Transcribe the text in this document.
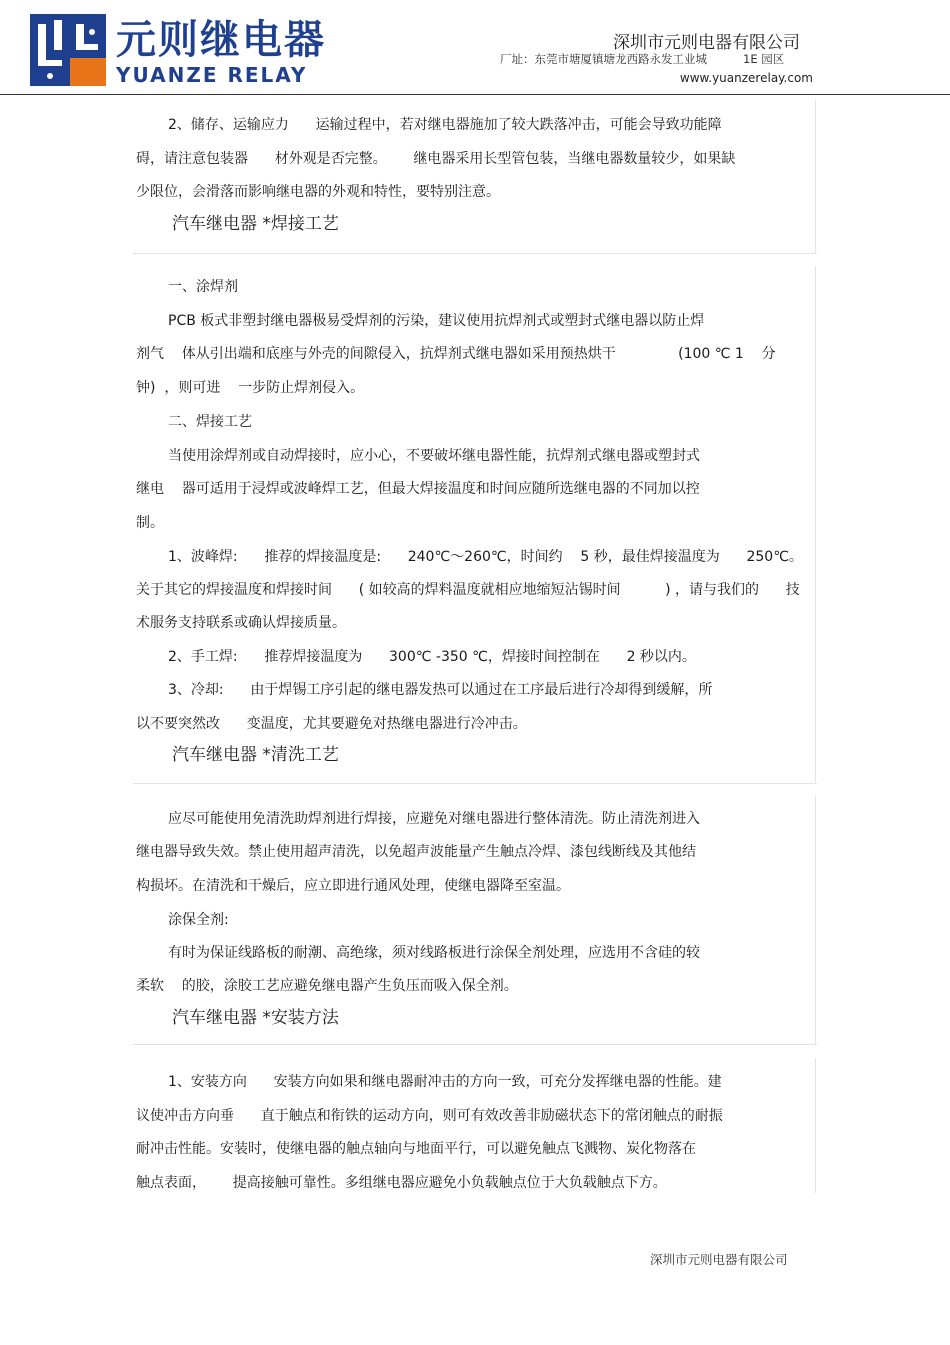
元则继电器
YUANZE RELAY
深圳市元则电器有限公司
厂址：东莞市塘厦镇塘龙西路永发工业城	1E 园区
www.yuanzerelay.com
2、储存、运输应力      运输过程中，若对继电器施加了较大跌落冲击，可能会导致功能障
碍，请注意包装器      材外观是否完整。      继电器采用长型管包装，当继电器数量较少，如果缺
少限位，会滑落而影响继电器的外观和特性，要特别注意。
汽车继电器 *焊接工艺
一、涂焊剂
PCB 板式非塑封继电器极易受焊剂的污染，建议使用抗焊剂式或塑封式继电器以防止焊
剂气    体从引出端和底座与外壳的间隙侵入，抗焊剂式继电器如采用预热烘干              (100 ℃ 1    分
钟)  ，则可进    一步防止焊剂侵入。
二、焊接工艺
当使用涂焊剂或自动焊接时，应小心，不要破坏继电器性能，抗焊剂式继电器或塑封式
继电    器可适用于浸焊或波峰焊工艺，但最大焊接温度和时间应随所选继电器的不同加以控
制。
1、波峰焊:      推荐的焊接温度是:      240℃～260℃，时间约    5 秒，最佳焊接温度为      250℃。
关于其它的焊接温度和焊接时间      ( 如较高的焊料温度就相应地缩短沾锡时间          ) ，请与我们的      技
术服务支持联系或确认焊接质量。
2、手工焊:      推荐焊接温度为      300℃ -350 ℃，焊接时间控制在      2 秒以内。
3、冷却:      由于焊锡工序引起的继电器发热可以通过在工序最后进行冷却得到缓解，所
以不要突然改      变温度，尤其要避免对热继电器进行冷冲击。
汽车继电器 *清洗工艺
应尽可能使用免清洗助焊剂进行焊接，应避免对继电器进行整体清洗。防止清洗剂进入
继电器导致失效。禁止使用超声清洗，以免超声波能量产生触点冷焊、漆包线断线及其他结
构损坏。在清洗和干燥后，应立即进行通风处理，使继电器降至室温。
涂保全剂:
有时为保证线路板的耐潮、高绝缘，须对线路板进行涂保全剂处理，应选用不含硅的较
柔软    的胶，涂胶工艺应避免继电器产生负压而吸入保全剂。
汽车继电器 *安装方法
1、安装方向      安装方向如果和继电器耐冲击的方向一致，可充分发挥继电器的性能。建
议使冲击方向垂      直于触点和衔铁的运动方向，则可有效改善非励磁状态下的常闭触点的耐振
耐冲击性能。安装时，使继电器的触点轴向与地面平行，可以避免触点飞溅物、炭化物落在
触点表面，      提高接触可靠性。多组继电器应避免小负载触点位于大负载触点下方。
深圳市元则电器有限公司
